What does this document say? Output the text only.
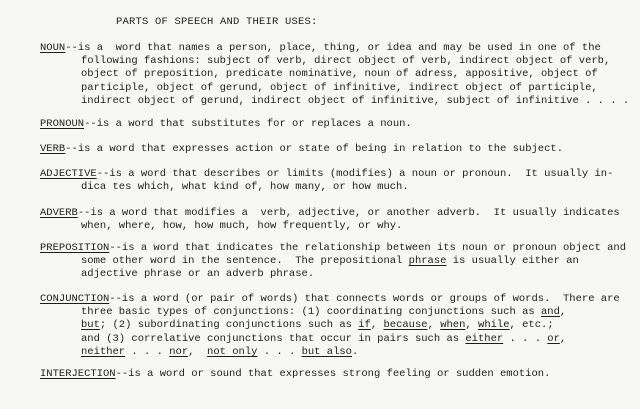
PARTS OF SPEECH AND THEIR USES:
NOUN--is a  word that names a person, place, thing, or idea and may be used in one of the

following fashions: subject of verb, direct object of verb, indirect object of verb,
object of preposition, predicate nominative, noun of adress, appositive, object of
participle, object of gerund, object of infinitive, indirect object of participle,
indirect object of gerund, indirect object of infinitive, subject of infinitive . . . .
PRONOUN--is a word that substitutes for or replaces a noun.
VERB--is a word that expresses action or state of being in relation to the subject.
ADJECTIVE--is a word that describes or limits (modifies) a noun or pronoun.  It usually in-

dica tes which, what kind of, how many, or how much.
ADVERB--is a word that modifies a  verb, adjective, or another adverb.  It usually indicates

when, where, how, how much, how frequently, or why.
PREPOSITION--is a word that indicates the relationship between its noun or pronoun object and

some other word in the sentence.  The prepositional phrase is usually either an
adjective phrase or an adverb phrase.
CONJUNCTION--is a word (or pair of words) that connects words or groups of words.  There are

three basic types of conjunctions: (1) coordinating conjunctions such as and,
but; (2) subordinating conjunctions such as if, because, when, while, etc.;
and (3) correlative conjunctions that occur in pairs such as either . . . or,
neither . . . nor,  not only . . . but also.
INTERJECTION--is a word or sound that expresses strong feeling or sudden emotion.
